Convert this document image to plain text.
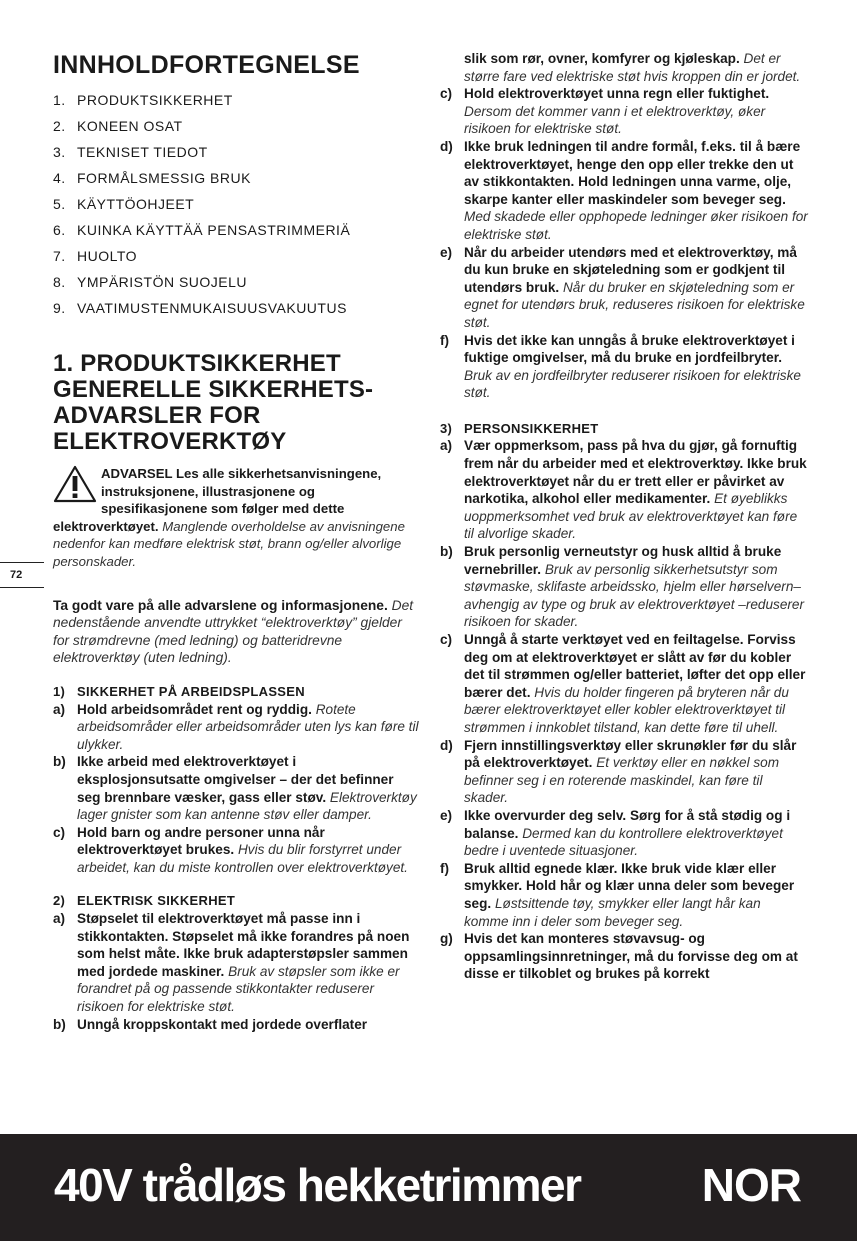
INNHOLDFORTEGNELSE
1. PRODUKTSIKKERHET
2. KONEEN OSAT
3. TEKNISET TIEDOT
4. FORMÅLSMESSIG BRUK
5. KÄYTTÖOHJEET
6. KUINKA KÄYTTÄÄ PENSASTRIMMERIÄ
7. HUOLTO
8. YMPÄRISTÖN SUOJELU
9. VAATIMUSTENMUKAISUUSVAKUUTUS
1. PRODUKTSIKKERHET
GENERELLE SIKKERHETS-
ADVARSLER FOR
ELEKTROVERKTØY
ADVARSEL Les alle sikkerhetsanvisningene, instruksjonene, illustrasjonene og spesifikasjonene som følger med dette elektroverktøyet. Manglende overholdelse av anvisningene nedenfor kan medføre elektrisk støt, brann og/eller alvorlige personskader.

Ta godt vare på alle advarslene og informasjonene. Det nedenstående anvendte uttrykket “elektroverktøy” gjelder for strømdrevne (med ledning) og batteridrevne elektroverktøy (uten ledning).

1) SIKKERHET PÅ ARBEIDSPLASSEN
a) Hold arbeidsområdet rent og ryddig. Rotete arbeidsområder eller arbeidsområder uten lys kan føre til ulykker.
b) Ikke arbeid med elektroverktøyet i eksplosjonsutsatte omgivelser – der det befinner seg brennbare væsker, gass eller støv. Elektroverktøy lager gnister som kan antenne støv eller damper.
c) Hold barn og andre personer unna når elektroverktøyet brukes. Hvis du blir forstyrret under arbeidet, kan du miste kontrollen over elektroverktøyet.
2) ELEKTRISK SIKKERHET
a) Støpselet til elektroverktøyet må passe inn i stikkontakten. Støpselet må ikke forandres på noen som helst måte. Ikke bruk adapterstøpsler sammen med jordede maskiner. Bruk av støpsler som ikke er forandret på og passende stikkontakter reduserer
risikoen for elektriske støt.
b) Unngå kroppskontakt med jordede overflater
72
slik som rør, ovner, komfyrer og kjøleskap. Det er større fare ved elektriske støt hvis kroppen din er jordet.
c) Hold elektroverktøyet unna regn eller fuktighet. Dersom det kommer vann i et elektroverktøy, øker risikoen for elektriske støt.
d) Ikke bruk ledningen til andre formål, f.eks. til å bære elektroverktøyet, henge den opp eller trekke den ut av stikkontakten. Hold ledningen unna varme, olje, skarpe kanter eller maskindeler som beveger seg. Med skadede eller opphopede ledninger øker risikoen for elektriske støt.
e) Når du arbeider utendørs med et elektroverktøy, må du kun bruke en skjøteledning som er godkjent til utendørs bruk. Når du bruker en skjøteledning som er egnet for utendørs bruk, reduseres risikoen for elektriske støt.
f)	Hvis det ikke kan unngås å bruke elektroverktøyet i fuktige omgivelser, må du bruke en jordfeilbryter. Bruk av en jordfeilbryter reduserer risikoen for elektriske støt.
3) PERSONSIKKERHET
a) Vær oppmerksom, pass på hva du gjør, gå fornuftig frem når du arbeider med et elektroverktøy. Ikke bruk elektroverktøyet når du er trett eller er påvirket av narkotika, alkohol eller medikamenter. Et øyeblikks uoppmerksomhet ved bruk av elektroverktøyet kan føre til alvorlige skader.
b) Bruk personlig verneutstyr og husk alltid å bruke vernebriller. Bruk av personlig sikkerhetsutstyr som støvmaske, sklifaste arbeidssko, hjelm eller hørselvern– avhengig av type og bruk av elektroverktøyet –reduserer risikoen for skader.
c) Unngå å starte verktøyet ved en feiltagelse. Forviss deg om at elektroverktøyet er slått av før du kobler det til strømmen og/eller batteriet, løfter det opp eller bærer det. Hvis du holder fingeren på bryteren når du bærer elektroverktøyet eller kobler elektroverktøyet til strømmen i innkoblet tilstand, kan dette føre til uhell.
d) Fjern innstillingsverktøy eller skrunøkler før du slår på elektroverktøyet. Et verktøy eller en nøkkel som befinner seg i en roterende maskindel, kan føre til skader.
e) Ikke overvurder deg selv. Sørg for å stå stødig og i balanse. Dermed kan du kontrollere elektroverktøyet bedre i uventede situasjoner.
f)	Bruk alltid egnede klær. Ikke bruk vide klær eller smykker. Hold hår og klær unna deler som beveger seg. Løstsittende tøy, smykker eller langt hår kan komme inn i deler som beveger seg.
g) Hvis det kan monteres støvavsug- og oppsamlingsinnretninger, må du forvisse deg om at disse er tilkoblet og brukes på korrekt
40V trådløs hekketrimmer	NOR
